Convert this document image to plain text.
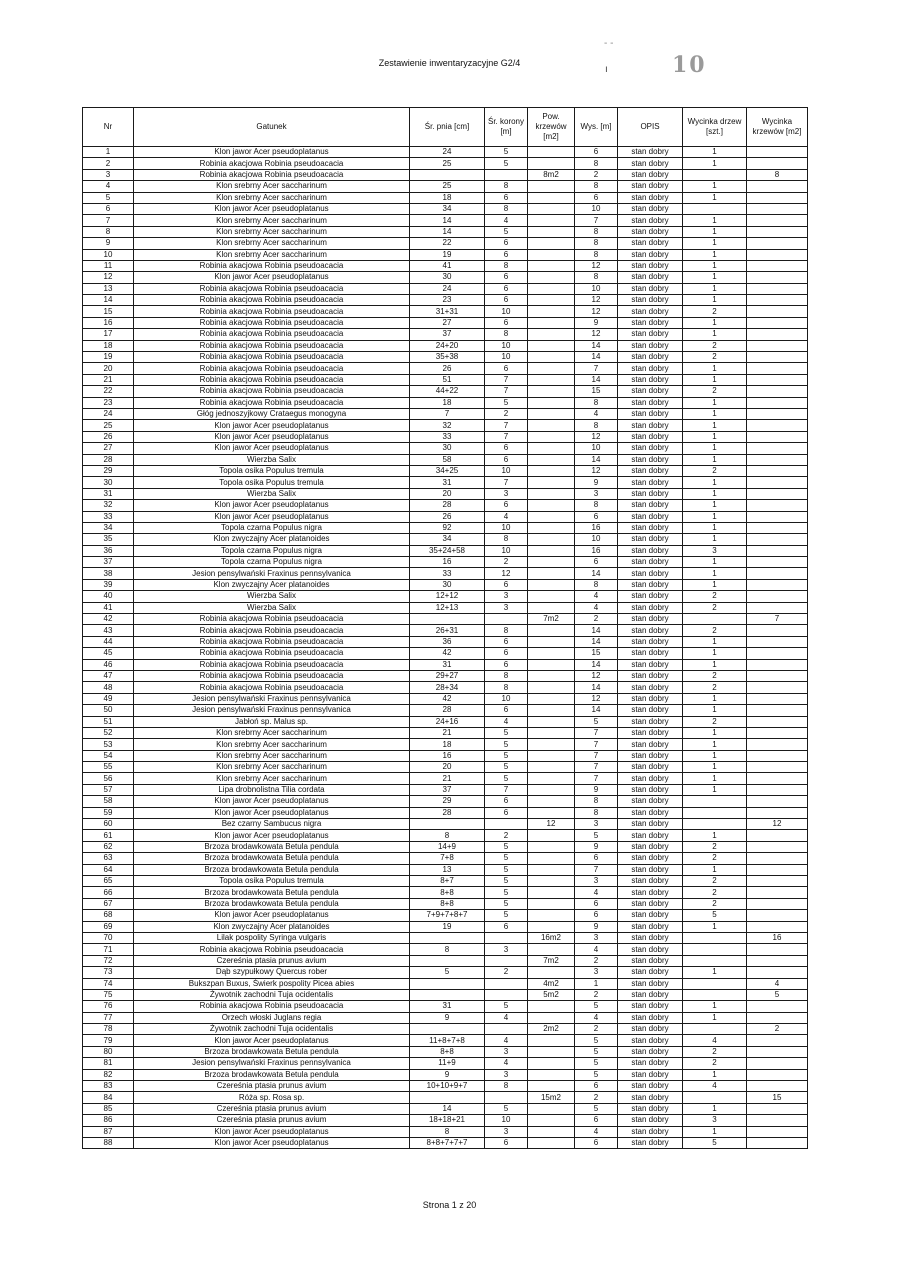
- -
Zestawienie inwentaryzacyjne G2/4
ı	10
Nr	Gatunek	Śr. pnia [cm]	Śr. korony [m]	Pow. krzewów [m2]	Wys. [m]	OPIS	Wycinka drzew [szt.]	Wycinka krzewów [m2]
1	Klon jawor Acer pseudoplatanus	24	5		6	stan dobry	1	
2	Robinia akacjowa Robinia pseudoacacia	25	5		8	stan dobry	1	
3	Robinia akacjowa Robinia pseudoacacia			8m2	2	stan dobry		8
4	Klon srebrny Acer saccharinum	25	8		8	stan dobry	1	
5	Klon srebrny Acer saccharinum	18	6		6	stan dobry	1	
6	Klon jawor Acer pseudoplatanus	34	8		10	stan dobry		
7	Klon srebrny Acer saccharinum	14	4		7	stan dobry	1	
8	Klon srebrny Acer saccharinum	14	5		8	stan dobry	1	
9	Klon srebrny Acer saccharinum	22	6		8	stan dobry	1	
10	Klon srebrny Acer saccharinum	19	6		8	stan dobry	1	
11	Robinia akacjowa Robinia pseudoacacia	41	8		12	stan dobry	1	
12	Klon jawor Acer pseudoplatanus	30	6		8	stan dobry	1	
13	Robinia akacjowa Robinia pseudoacacia	24	6		10	stan dobry	1	
14	Robinia akacjowa Robinia pseudoacacia	23	6		12	stan dobry	1	
15	Robinia akacjowa Robinia pseudoacacia	31+31	10		12	stan dobry	2	
16	Robinia akacjowa Robinia pseudoacacia	27	6		9	stan dobry	1	
17	Robinia akacjowa Robinia pseudoacacia	37	8		12	stan dobry	1	
18	Robinia akacjowa Robinia pseudoacacia	24+20	10		14	stan dobry	2	
19	Robinia akacjowa Robinia pseudoacacia	35+38	10		14	stan dobry	2	
20	Robinia akacjowa Robinia pseudoacacia	26	6		7	stan dobry	1	
21	Robinia akacjowa Robinia pseudoacacia	51	7		14	stan dobry	1	
22	Robinia akacjowa Robinia pseudoacacia	44+22	7		15	stan dobry	2	
23	Robinia akacjowa Robinia pseudoacacia	18	5		8	stan dobry	1	
24	Głóg jednoszyjkowy Crataegus monogyna	7	2		4	stan dobry	1	
25	Klon jawor Acer pseudoplatanus	32	7		8	stan dobry	1	
26	Klon jawor Acer pseudoplatanus	33	7		12	stan dobry	1	
27	Klon jawor Acer pseudoplatanus	30	6		10	stan dobry	1	
28	Wierzba Salix	58	6		14	stan dobry	1	
29	Topola osika Populus tremula	34+25	10		12	stan dobry	2	
30	Topola osika Populus tremula	31	7		9	stan dobry	1	
31	Wierzba Salix	20	3		3	stan dobry	1	
32	Klon jawor Acer pseudoplatanus	28	6		8	stan dobry	1	
33	Klon jawor Acer pseudoplatanus	26	4		6	stan dobry	1	
34	Topola czarna Populus nigra	92	10		16	stan dobry	1	
35	Klon zwyczajny Acer platanoides	34	8		10	stan dobry	1	
36	Topola czarna Populus nigra	35+24+58	10		16	stan dobry	3	
37	Topola czarna Populus nigra	16	2		6	stan dobry	1	
38	Jesion pensylwański Fraxinus pennsylvanica	33	12		14	stan dobry	1	
39	Klon zwyczajny Acer platanoides	30	6		8	stan dobry	1	
40	Wierzba Salix	12+12	3		4	stan dobry	2	
41	Wierzba Salix	12+13	3		4	stan dobry	2	
42	Robinia akacjowa Robinia pseudoacacia			7m2	2	stan dobry		7
43	Robinia akacjowa Robinia pseudoacacia	26+31	8		14	stan dobry	2	
44	Robinia akacjowa Robinia pseudoacacia	36	6		14	stan dobry	1	
45	Robinia akacjowa Robinia pseudoacacia	42	6		15	stan dobry	1	
46	Robinia akacjowa Robinia pseudoacacia	31	6		14	stan dobry	1	
47	Robinia akacjowa Robinia pseudoacacia	29+27	8		12	stan dobry	2	
48	Robinia akacjowa Robinia pseudoacacia	28+34	8		14	stan dobry	2	
49	Jesion pensylwański Fraxinus pennsylvanica	42	10		12	stan dobry	1	
50	Jesion pensylwański Fraxinus pennsylvanica	28	6		14	stan dobry	1	
51	Jabłoń sp. Malus sp.	24+16	4		5	stan dobry	2	
52	Klon srebrny Acer saccharinum	21	5		7	stan dobry	1	
53	Klon srebrny Acer saccharinum	18	5		7	stan dobry	1	
54	Klon srebrny Acer saccharinum	16	5		7	stan dobry	1	
55	Klon srebrny Acer saccharinum	20	5		7	stan dobry	1	
56	Klon srebrny Acer saccharinum	21	5		7	stan dobry	1	
57	Lipa drobnolistna Tilia cordata	37	7		9	stan dobry	1	
58	Klon jawor Acer pseudoplatanus	29	6		8	stan dobry		
59	Klon jawor Acer pseudoplatanus	28	6		8	stan dobry		
60	Bez czarny Sambucus nigra			12	3	stan dobry		12
61	Klon jawor Acer pseudoplatanus	8	2		5	stan dobry	1	
62	Brzoza brodawkowata Betula pendula	14+9	5		9	stan dobry	2	
63	Brzoza brodawkowata Betula pendula	7+8	5		6	stan dobry	2	
64	Brzoza brodawkowata Betula pendula	13	5		7	stan dobry	1	
65	Topola osika Populus tremula	8+7	5		3	stan dobry	2	
66	Brzoza brodawkowata Betula pendula	8+8	5		4	stan dobry	2	
67	Brzoza brodawkowata Betula pendula	8+8	5		6	stan dobry	2	
68	Klon jawor Acer pseudoplatanus	7+9+7+8+7	5		6	stan dobry	5	
69	Klon zwyczajny Acer platanoides	19	6		9	stan dobry	1	
70	Lilak pospolity Syringa vulgaris			16m2	3	stan dobry		16
71	Robinia akacjowa Robinia pseudoacacia	8	3		4	stan dobry		
72	Czereśnia ptasia prunus avium			7m2	2	stan dobry		
73	Dąb szypułkowy Quercus rober	5	2		3	stan dobry	1	
74	Bukszpan Buxus, Świerk pospolity Picea abies			4m2	1	stan dobry		4
75	Żywotnik zachodni Tuja ocidentalis			5m2	2	stan dobry		5
76	Robinia akacjowa Robinia pseudoacacia	31	5		5	stan dobry	1	
77	Orzech włoski Juglans regia	9	4		4	stan dobry	1	
78	Żywotnik zachodni Tuja ocidentalis			2m2	2	stan dobry		2
79	Klon jawor Acer pseudoplatanus	11+8+7+8	4		5	stan dobry	4	
80	Brzoza brodawkowata Betula pendula	8+8	3		5	stan dobry	2	
81	Jesion pensylwański Fraxinus pennsylvanica	11+9	4		5	stan dobry	2	
82	Brzoza brodawkowata Betula pendula	9	3		5	stan dobry	1	
83	Czereśnia ptasia prunus avium	10+10+9+7	8		6	stan dobry	4	
84	Róża sp. Rosa sp.			15m2	2	stan dobry		15
85	Czereśnia ptasia prunus avium	14	5		5	stan dobry	1	
86	Czereśnia ptasia prunus avium	18+18+21	10		6	stan dobry	3	
87	Klon jawor Acer pseudoplatanus	8	3		4	stan dobry	1	
88	Klon jawor Acer pseudoplatanus	8+8+7+7+7	6		6	stan dobry	5	
Strona 1 z 20
